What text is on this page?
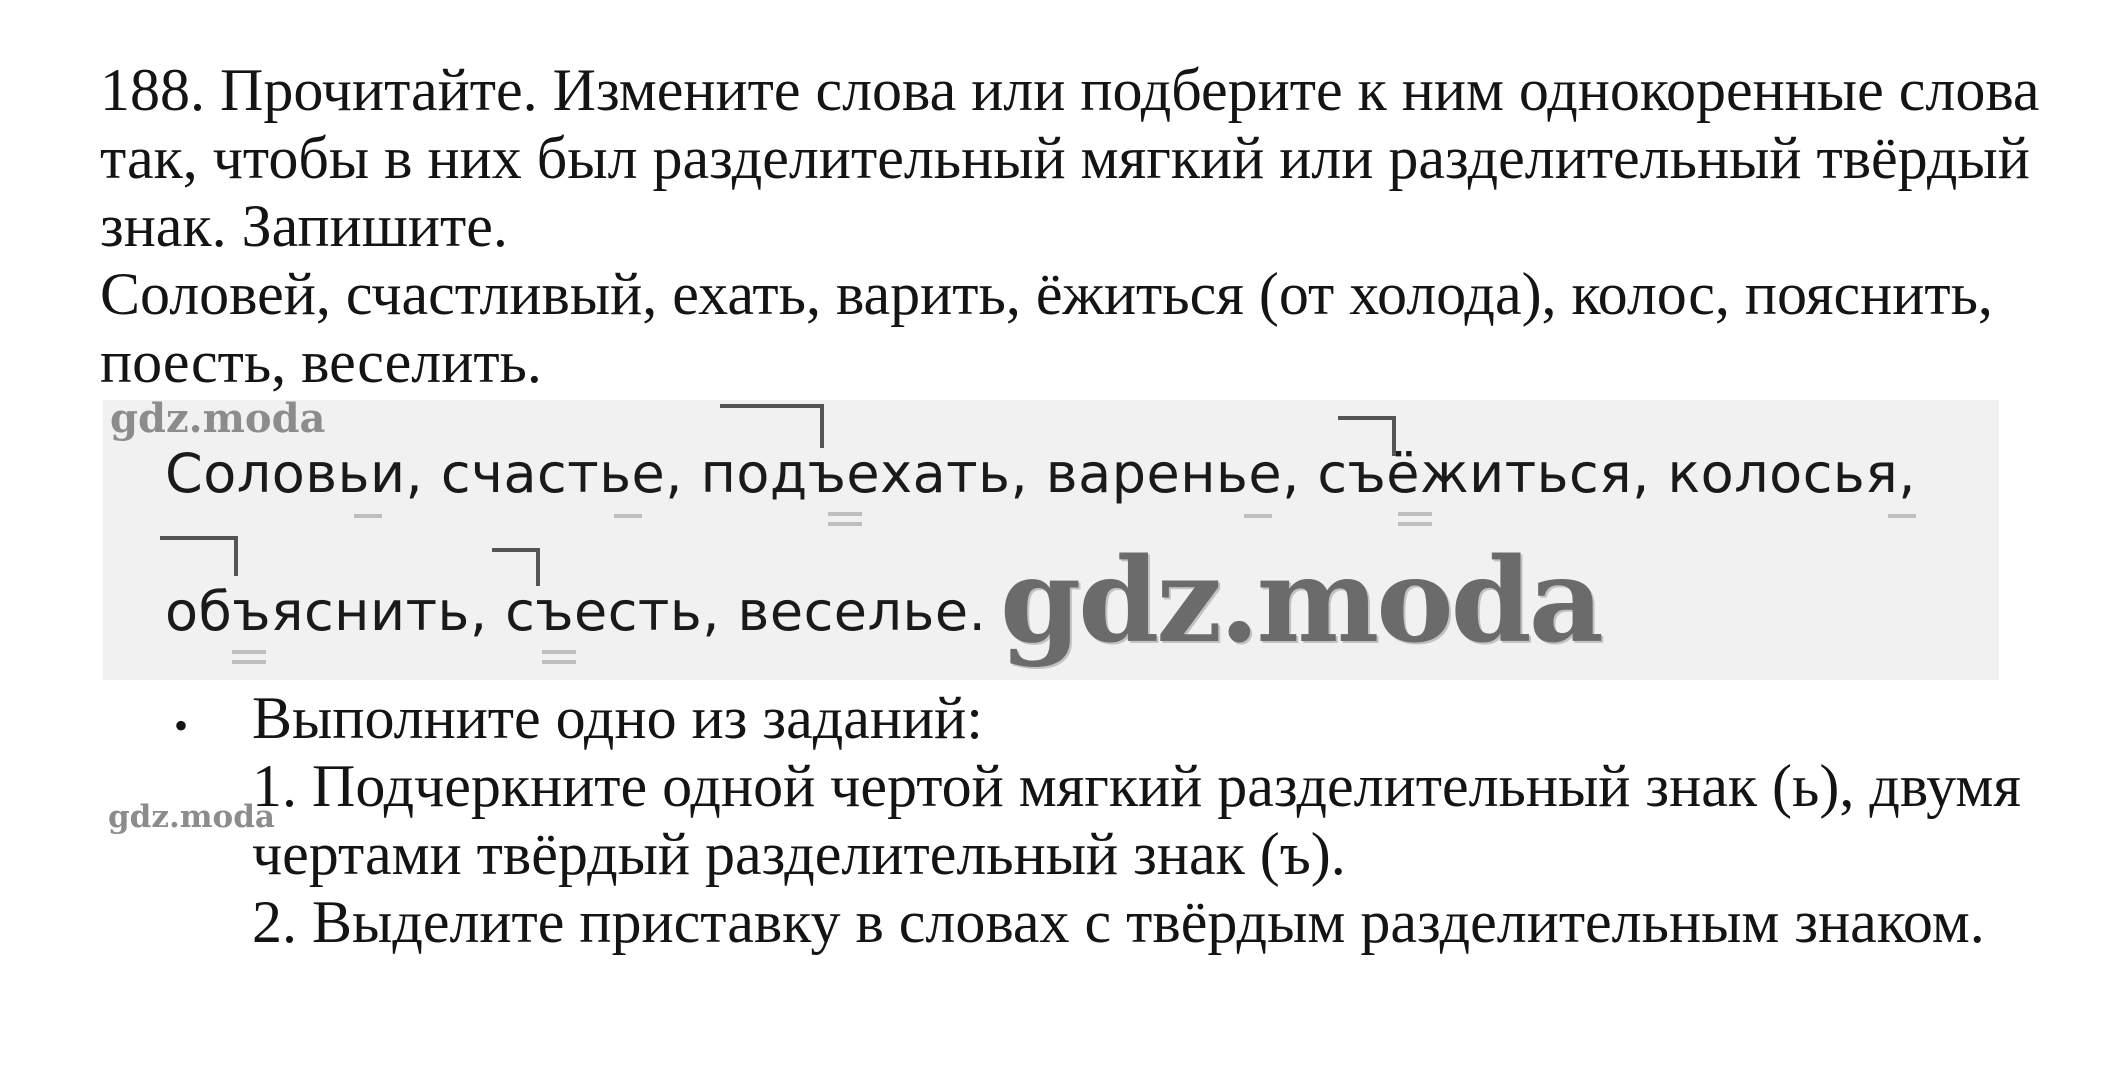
188. Прочитайте. Измените слова или подберите к ним однокоренные слова

так, чтобы в них был разделительный мягкий или разделительный твёрдый

знак. Запишите.

Соловей, счастливый, ехать, варить, ёжиться (от холода), колос, пояснить,

поесть, веселить.

Соловьи, счастье, подъехать, варенье, съёжиться, колосья,

объяснить, съесть, веселье.

gdz.moda
gdz.moda
gdz.moda
• Выполните одно из заданий:

1. Подчеркните одной чертой мягкий разделительный знак (ь), двумя

чертами твёрдый разделительный знак (ъ).

2. Выделите приставку в словах с твёрдым разделительным знаком.
